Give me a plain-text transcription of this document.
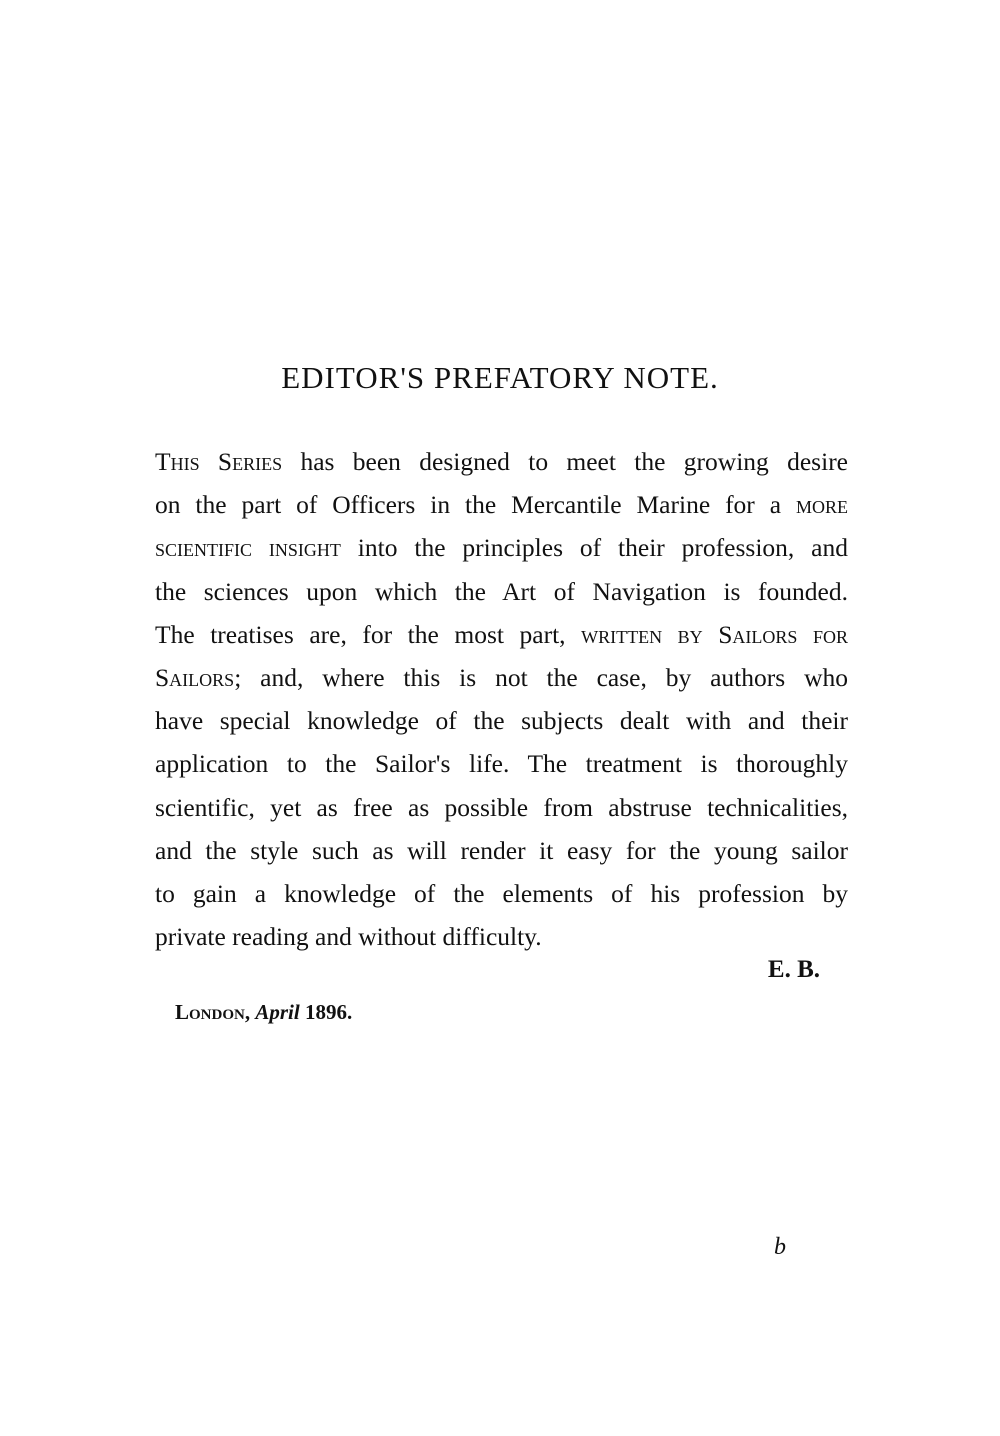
EDITOR'S PREFATORY NOTE.
This Series has been designed to meet the growing desire
on the part of Officers in the Mercantile Marine for a more
scientific insight into the principles of their profession, and
the sciences upon which the Art of Navigation is founded.
The treatises are, for the most part, written by Sailors for
Sailors; and, where this is not the case, by authors who
have special knowledge of the subjects dealt with and their
application to the Sailor's life. The treatment is thoroughly
scientific, yet as free as possible from abstruse technicalities,
and the style such as will render it easy for the young sailor
to gain a knowledge of the elements of his profession by
private reading and without difficulty.
E. B.
London, April 1896.
b
